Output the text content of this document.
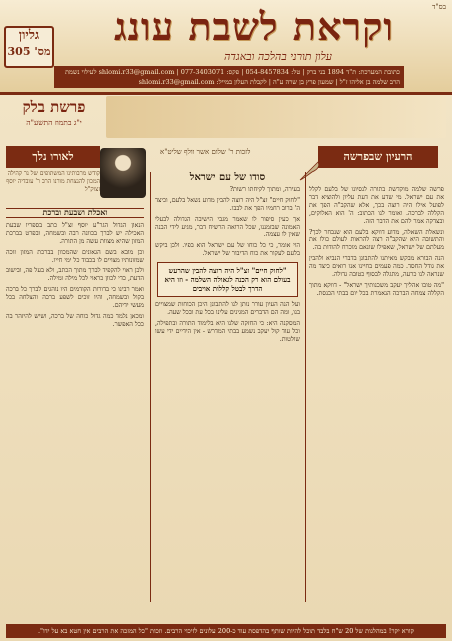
בס"ד
וקראת לשבת עונג
עלון תורני בהלכה ובאגדה
גליון
מס' 305
כתובת המערכת: ת"ד 1894 בני ברק | טל: 054-8457834 | פקס: 077-3403071 | shlomi.r33@gmail.com לעילוי נשמת הרב שלמה בן אליהו ז"ל | שמעון פרץ בן שרה ע"ה | לקבלת העלון במייל: shlomi.r33@gmail.com
פרשת בלק
י"ג בתמוז התשע"ה
הרעיון שבפרשה
לזכות ר' שלום אשר וולף שליט"א
לאורו נלך
קודש מרבותינו המשתופים של נר קהילה המכון להנצחת מורנו הרב ר' עובדיה יוסף זצוק"ל	פרשה שלמה מוקדשת בתורה לנסיונו של בלעם לקלל את עם ישראל. מי שדע את דעת עליון ולהוציא דבר לפועל אילו היה רוצה בכך, אלא שהקב"ה הפך את הקללה לברכה. ואומר לנו הכתוב: ה' הוא האלוקים, ובצדקה אמר להם את הדבר הזה.

ונשאלת השאלה, מדוע דווקא בלעם הוא שנבחר לכך? והתשובה היא שהקב"ה רצה להראות לעולם כולו את מעלתם של ישראל, שאפילו שונאם מוכרח להודות בה.

הנה הבורא מבקש מאיתנו להתבונן בדברי הנביא ולהבין את גודל החסד. כמה פעמים בחיינו אנו רואים כיצד מה שנראה לנו כרעה, מתגלה לבסוף כטובה גדולה.

"מה טובו אהליך יעקב משכנותיך ישראל" - דווקא מתוך הקללה צמחה הברכה הנאמרת בכל יום בבתי הכנסת.

סודו של עם ישראל

בעירה, ומתוך לקיחתו רשות?

"לחוק חיים" זצ"ל היה רוצה להבין מדוע נשאל בלעם, וכיצד ה' ברוב רחמיו הפך את לבבו.

אך כעין סיפור לו שאמר מגבי הישיבה הגדולה לבעלי האמונה שבזמננו, שכל הרואה הרשיח דבר, מגיע לידי הבנה שאין לו עצמה.

הוי אומר, כי כל כוחו של עם ישראל הוא בפיו. ולכן ביקש בלעם לעקור את כוח הדיבור של ישראל.

"לחוק חיים" זצ"ל היה רוצה להבין שהרעש בעולם הוא רק הכנה לגאולה השלמה - וזו היא הדרך לבטל קללות אויבים

ועל הנה העיון עורר נותן לנו להתבונן היכן הכוחות שמצויים בנו, ומה הם הדברים המגינים עלינו בכל עת ובכל שעה.

המסקנה היא: כי החזקה שלנו היא בלימוד התורה ובתפילה, וכל עוד קול יעקב נשמע בבתי המדרש - אין הידיים ידי עשו שולטות.

ואכלת ושבעת וברכת

הנאון הגדול הגר"ע יוסף זצ"ל כתב בספריו שבעת האכילה יש לברך בכוונה רבה ובשמחה, ובפרט בברכת המזון שהיא מצוות עשה מן התורה.

וכן מובא בשם הגאונים שהמכוון בברכת המזון זוכה שמזונותיו מצויים לו בכבוד כל ימי חייו.

ולכן ראוי להקפיד לברך מתוך הכתב, ולא בעל פה, ובישוב הדעת, כדי לכוון כראוי לכל מילה ומילה.

ואמר רבינו כי בדורות הקודמים היו נוהגים לברך כל ברכה בקול ובשמחה, והיו זוכים לשפע ברכה והצלחה בכל מעשי ידיהם.

ומכאן נלמד כמה גדול כוחה של ברכה, ושיש להיזהר בה ככל האפשר.

קורא יקר! במהלגות של 20 ש"ח בלבד תוכל להיות שותף בהדפסת עוד כ-200 עלונים לזיכוי הרבים. וזכות "כל המזכה את הרבים אין חטא בא על ידו".
